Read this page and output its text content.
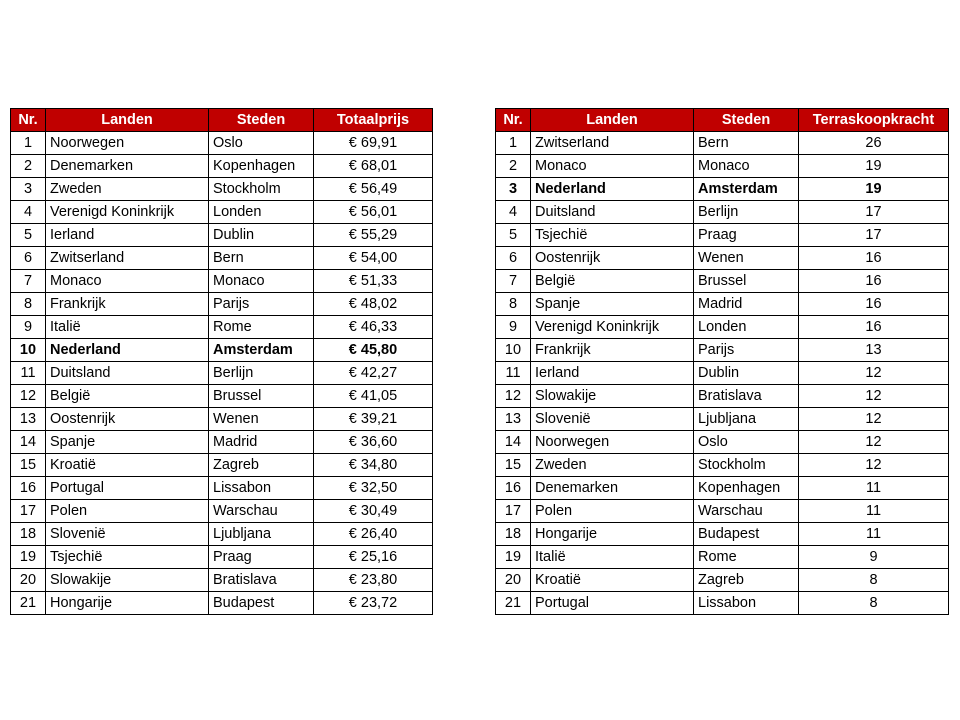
Nr.	Landen	Steden	Totaalprijs
1	Noorwegen	Oslo	€ 69,91
2	Denemarken	Kopenhagen	€ 68,01
3	Zweden	Stockholm	€ 56,49
4	Verenigd Koninkrijk	Londen	€ 56,01
5	Ierland	Dublin	€ 55,29
6	Zwitserland	Bern	€ 54,00
7	Monaco	Monaco	€ 51,33
8	Frankrijk	Parijs	€ 48,02
9	Italië	Rome	€ 46,33
10	Nederland	Amsterdam	€ 45,80
11	Duitsland	Berlijn	€ 42,27
12	België	Brussel	€ 41,05
13	Oostenrijk	Wenen	€ 39,21
14	Spanje	Madrid	€ 36,60
15	Kroatië	Zagreb	€ 34,80
16	Portugal	Lissabon	€ 32,50
17	Polen	Warschau	€ 30,49
18	Slovenië	Ljubljana	€ 26,40
19	Tsjechië	Praag	€ 25,16
20	Slowakije	Bratislava	€ 23,80
21	Hongarije	Budapest	€ 23,72
Nr.	Landen	Steden	Terraskoopkracht
1	Zwitserland	Bern	26
2	Monaco	Monaco	19
3	Nederland	Amsterdam	19
4	Duitsland	Berlijn	17
5	Tsjechië	Praag	17
6	Oostenrijk	Wenen	16
7	België	Brussel	16
8	Spanje	Madrid	16
9	Verenigd Koninkrijk	Londen	16
10	Frankrijk	Parijs	13
11	Ierland	Dublin	12
12	Slowakije	Bratislava	12
13	Slovenië	Ljubljana	12
14	Noorwegen	Oslo	12
15	Zweden	Stockholm	12
16	Denemarken	Kopenhagen	11
17	Polen	Warschau	11
18	Hongarije	Budapest	11
19	Italië	Rome	9
20	Kroatië	Zagreb	8
21	Portugal	Lissabon	8
